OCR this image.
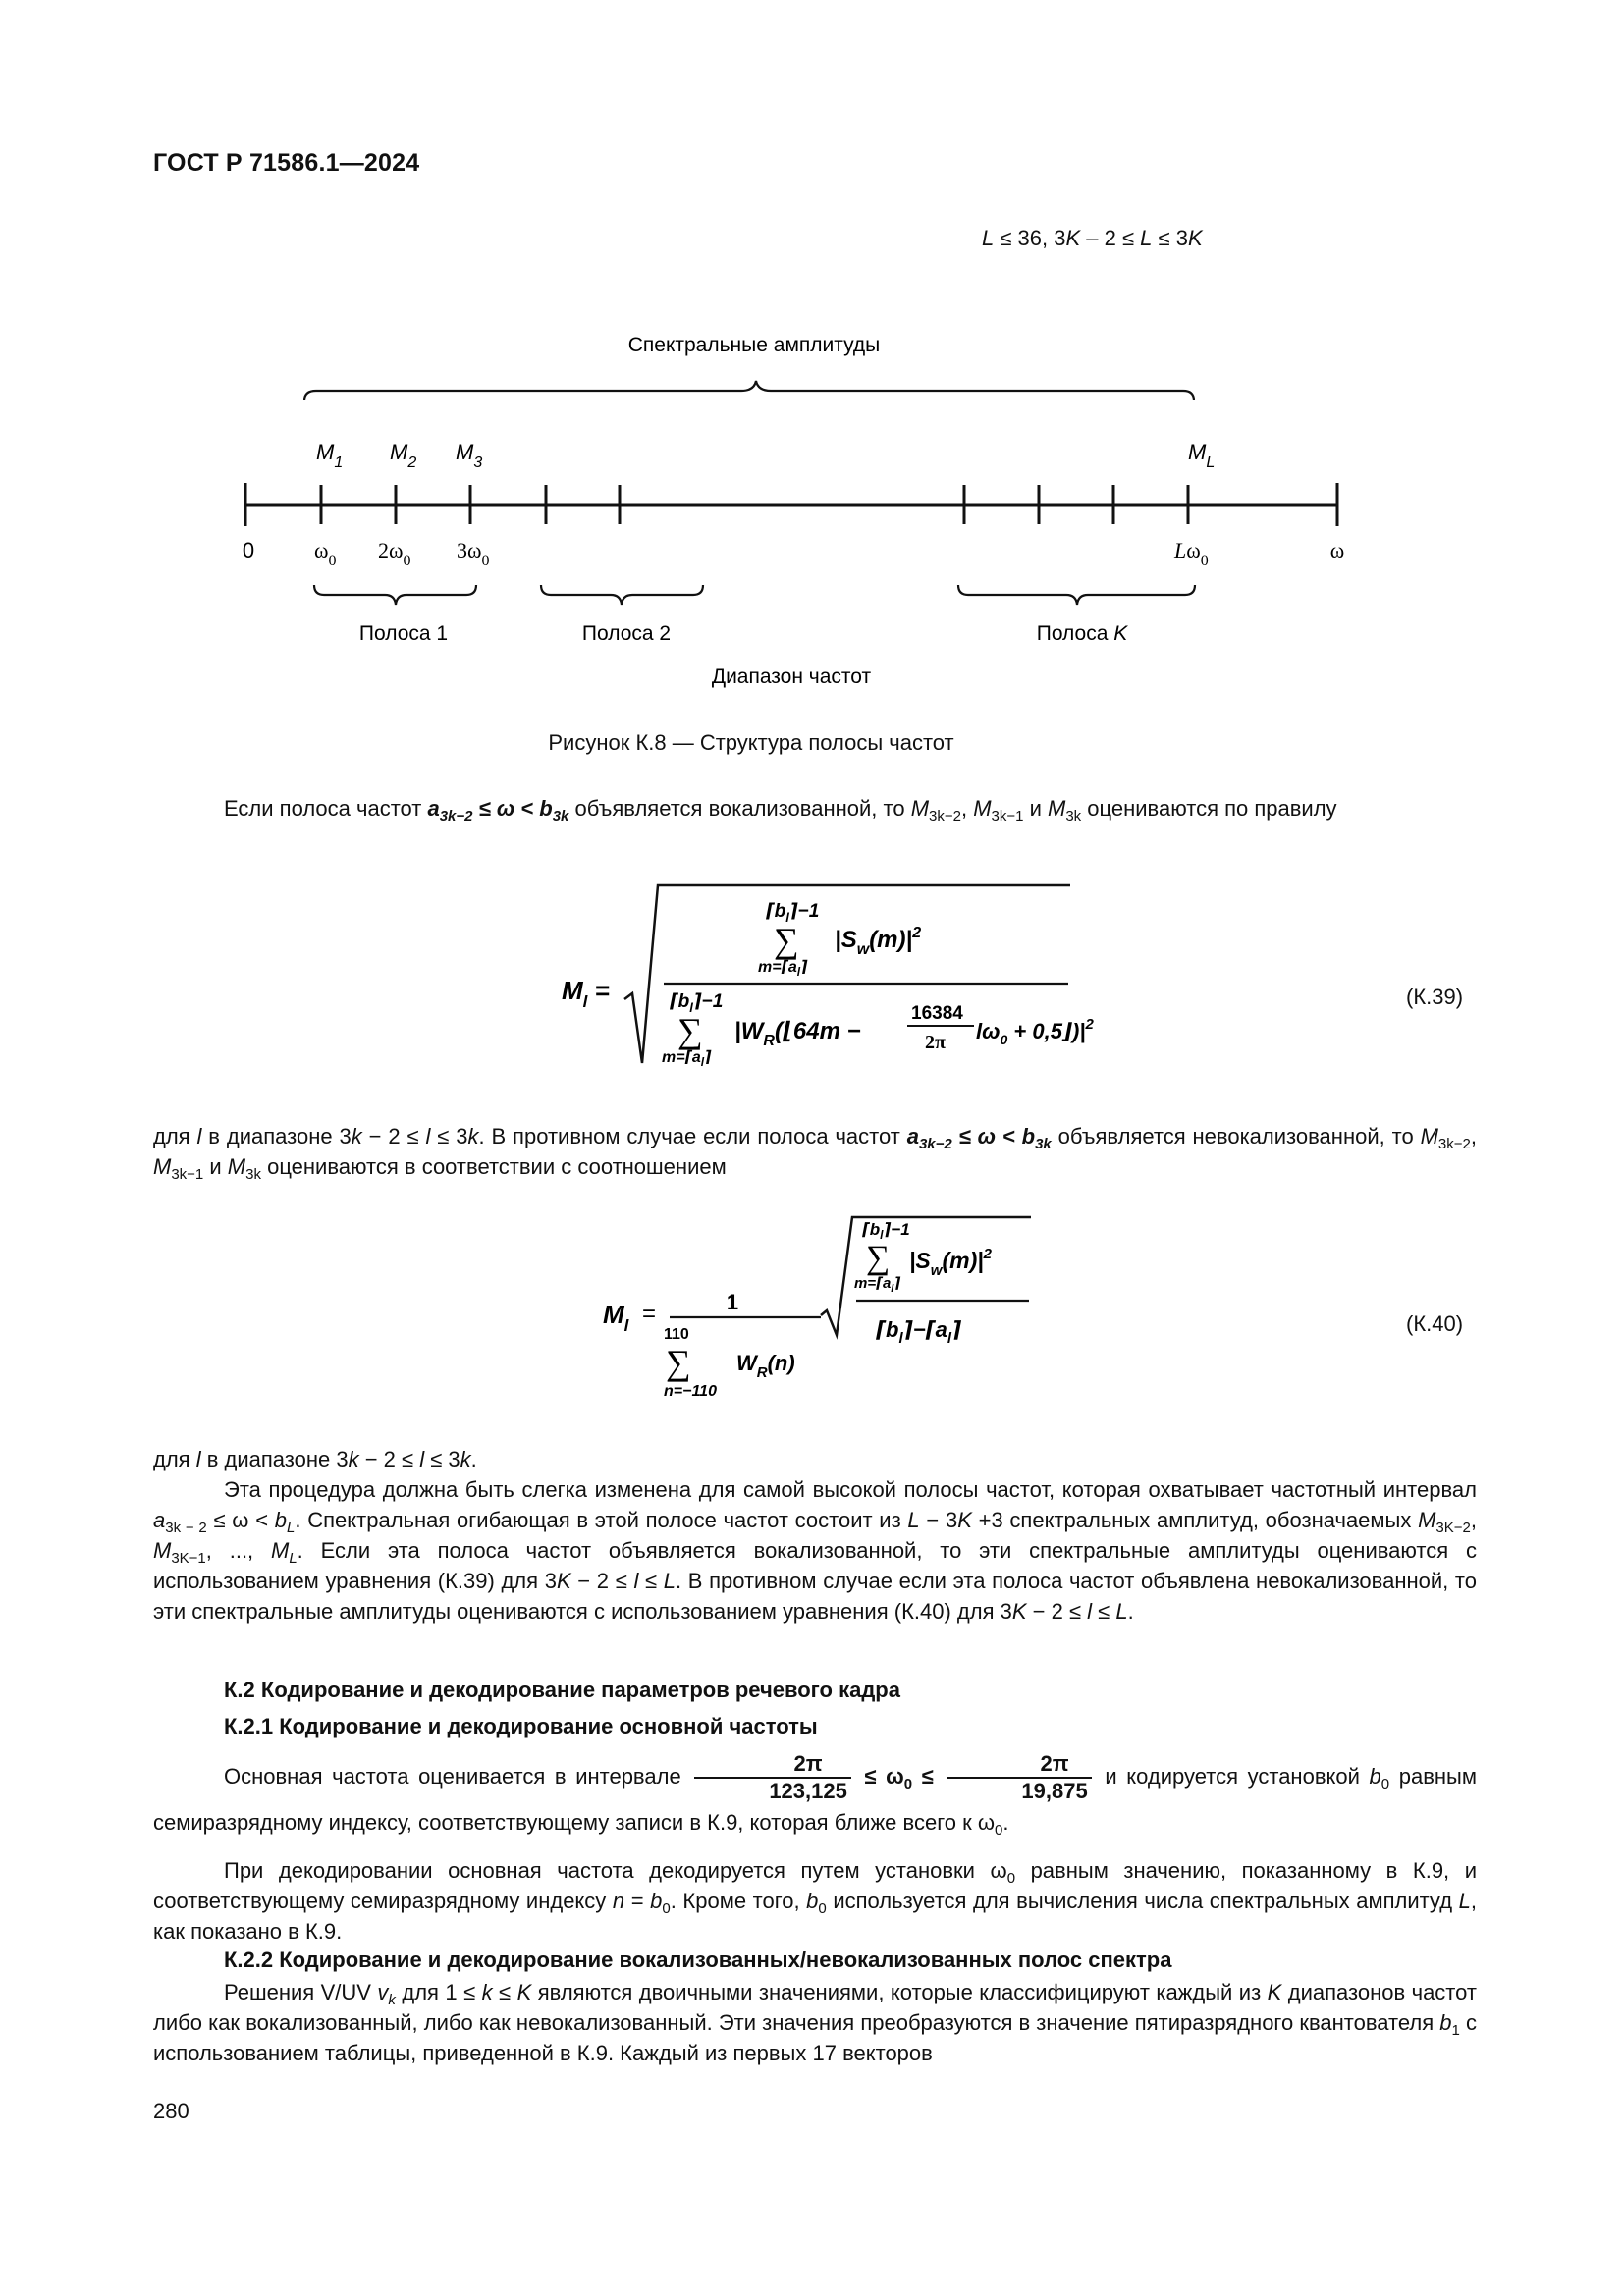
ГОСТ Р 71586.1—2024
L ≤ 36, 3K – 2 ≤ L ≤ 3K
Спектральные амплитуды
$M_1$ $M_2$ $M_3$	$M_L$
0	$\omega_0$ $2\omega_0$ $3\omega_0$	$L\omega_0$	ω
Полоса 1	Полоса 2	Полоса K
Диапазон частот
Рисунок К.8 — Структура полосы частот
Если полоса частот $a_{3k-2} \le \omega < b_{3k}$ объявляется вокализованной, то $M_{3k-2}$, $M_{3k-1}$ и $M_{3k}$ оцениваются по правилу
$M_l$ =
$⌈b_l⌉-1$
∑
$m=⌈a_l⌉$
$|S_w(m)|^2$
$⌈b_l⌉-1$
∑
$m=⌈a_l⌉$
$|W_R(⌊64m$ −
16384
2π $l\omega_0$ + $0,5⌋)|^2$
(К.39)
для l в диапазоне 3k − 2 ≤ l ≤ 3k. В противном случае если полоса частот $a_{3k-2} \le \omega < b_{3k}$ объявляется невокализованной, то $M_{3k-2}$, $M_{3k-1}$ и $M_{3k}$ оцениваются в соответствии с соотношением
$M_l$ =	1
110
∑
n=−110
$W_R(n)$
$⌈b_l⌉-1$
∑
$m=⌈a_l⌉$
$|S_w(m)|^2$
$⌈b_l⌉-⌈a_l⌉$	(К.40)
для l в диапазоне 3k − 2 ≤ l ≤ 3k.
Эта процедура должна быть слегка изменена для самой высокой полосы частот, которая охватывает частотный интервал $a_{3k - 2} \le \omega < b_L$. Спектральная огибающая в этой полосе частот состоит из L − 3K +3 спектральных амплитуд, обозначаемых $M_{3K-2}$, $M_{3K-1}$, ..., $M_L$. Если эта полоса частот объявляется вокализованной, то эти спектральные амплитуды оцениваются с использованием уравнения (К.39) для 3K − 2 ≤ l ≤ L. В противном случае если эта полоса частот объявлена невокализованной, то эти спектральные амплитуды оцениваются с использованием уравнения (К.40) для 3K − 2 ≤ l ≤ L.
К.2 Кодирование и декодирование параметров речевого кадра
К.2.1 Кодирование и декодирование основной частоты
Основная частота оценивается в интервале $\frac{2\pi}{123,125} \le \omega_0 \le \frac{2\pi}{19,875}$ и кодируется установкой $b_0$ равным семиразрядному индексу, соответствующему записи в К.9, которая ближе всего к $\omega_0$.
При декодировании основная частота декодируется путем установки $\omega_0$ равным значению, показанному в К.9, и соответствующему семиразрядному индексу $n = b_0$. Кроме того, $b_0$ используется для вычисления числа спектральных амплитуд L, как показано в К.9.
К.2.2 Кодирование и декодирование вокализованных/невокализованных полос спектра
Решения V/UV $v_k$ для 1 ≤ k ≤ K являются двоичными значениями, которые классифицируют каждый из K диапазонов частот либо как вокализованный, либо как невокализованный. Эти значения преобразуются в значение пятиразрядного квантователя $b_1$ с использованием таблицы, приведенной в К.9. Каждый из первых 17 векторов
280
